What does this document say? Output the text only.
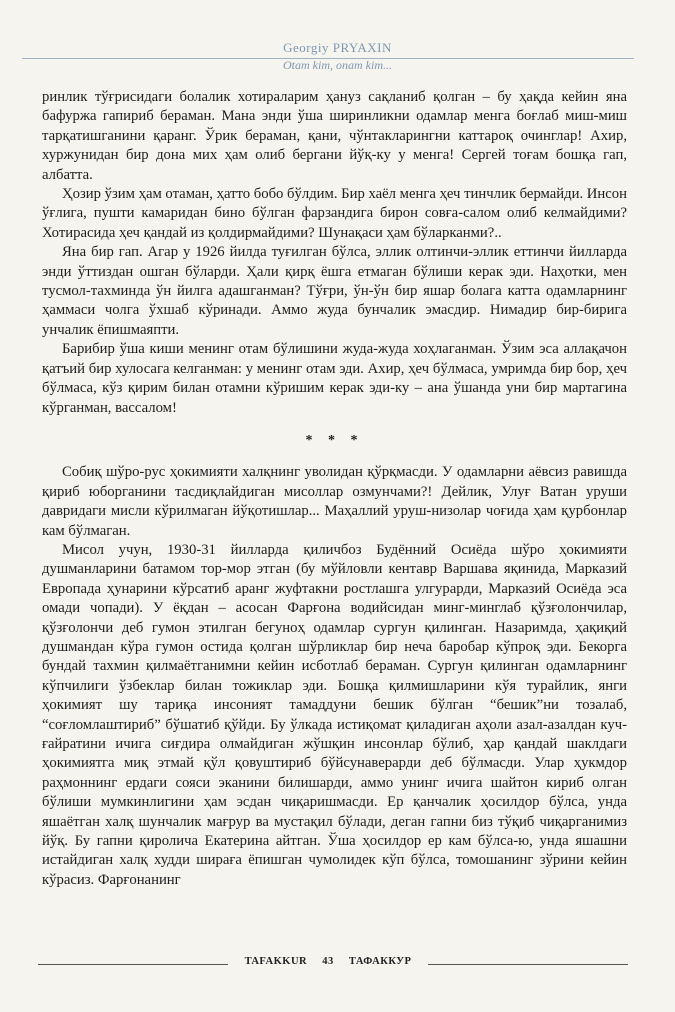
Georgiy PRYAXIN
Otam kim, onam kim...

ринлик тўғрисидаги болалик хотираларим ҳануз сақланиб қолган – бу ҳақда кейин яна бафуржа гапириб бераман. Мана энди ўша ширинликни одамлар менга боғлаб миш-миш тарқатишганини қаранг. Ўрик бераман, қани, чўнтакларингни каттароқ очинглар! Ахир, хуржунидан бир дона мих ҳам олиб бергани йўқ-ку у менга! Сергей тоғам бошқа гап, албатта.

Ҳозир ўзим ҳам отаман, ҳатто бобо бўлдим. Бир хаёл менга ҳеч тинчлик бермайди. Инсон ўғлига, пушти камаридан бино бўлган фарзандига бирон совға-салом олиб келмайдими? Хотирасида ҳеч қандай из қолдирмайдими? Шунақаси ҳам бўларканми?..

Яна бир гап. Агар у 1926 йилда туғилган бўлса, эллик олтинчи-эллик еттинчи йилларда энди ўттиздан ошган бўларди. Ҳали қирқ ёшга етмаган бўлиши керак эди. Наҳотки, мен тусмол-тахминда ўн йилга адашганман? Тўғри, ўн-ўн бир яшар болага катта одамларнинг ҳаммаси чолга ўхшаб кўринади. Аммо жуда бунчалик эмасдир. Нимадир бир-бирига унчалик ёпишмаяпти.

Барибир ўша киши менинг отам бўлишини жуда-жуда хоҳлаганман. Ўзим эса аллақачон қатъий бир хулосага келганман: у менинг отам эди. Ахир, ҳеч бўлмаса, умримда бир бор, ҳеч бўлмаса, кўз қирим билан отамни кўришим керак эди-ку – ана ўшанда уни бир мартагина кўрганман, вассалом!

* * *

Собиқ шўро-рус ҳокимияти халқнинг уволидан қўрқмасди. У одамларни аёвсиз равишда қириб юборганини тасдиқлайдиган мисоллар озмунчами?! Дейлик, Улуғ Ватан уруши давридаги мисли кўрилмаган йўқотишлар... Маҳаллий уруш-низолар чоғида ҳам қурбонлар кам бўлмаган.

Мисол учун, 1930-31 йилларда қиличбоз Будённий Осиёда шўро ҳокимияти душманларини батамом тор-мор этган (бу мўйловли кентавр Варшава яқинида, Марказий Европада ҳунарини кўрсатиб аранг жуфтакни ростлашга улгурарди, Марказий Осиёда эса омади чопади). У ёқдан – асосан Фарғона водийсидан минг-минглаб қўзғолончилар, қўзғолончи деб гумон этилган бегуноҳ одамлар сургун қилинган. Назаримда, ҳақиқий душмандан кўра гумон остида қолган шўрликлар бир неча баробар кўпроқ эди. Бекорга бундай тахмин қилмаётганимни кейин исботлаб бераман. Сургун қилинган одамларнинг кўпчилиги ўзбеклар билан тожиклар эди. Бошқа қилмишларини кўя турайлик, янги ҳокимият шу тариқа инсоният тамаддуни бешик бўлган “бешик”ни тозалаб, “соғломлаштириб” бўшатиб қўйди. Бу ўлкада истиқомат қиладиган аҳоли азал-азалдан куч-ғайратини ичига сиғдира олмайдиган жўшқин инсонлар бўлиб, ҳар қандай шаклдаги ҳокимиятга миқ этмай қўл қовуштириб бўйсунаверарди деб бўлмасди. Улар ҳукмдор раҳмоннинг ердаги сояси эканини билишарди, аммо унинг ичига шайтон кириб олган бўлиши мумкинлигини ҳам эсдан чиқаришмасди. Ер қанчалик ҳосилдор бўлса, унда яшаётган халқ шунчалик мағрур ва мустақил бўлади, деган гапни биз тўқиб чиқарганимиз йўқ. Бу гапни қиролича Екатерина айтган. Ўша ҳосилдор ер кам бўлса-ю, унда яшашни истайдиган халқ худди шираға ёпишган чумолидек кўп бўлса, томошанинг зўрини кейин кўрасиз. Фарғонанинг

TAFAKKUR 43 ТАФАККУР
